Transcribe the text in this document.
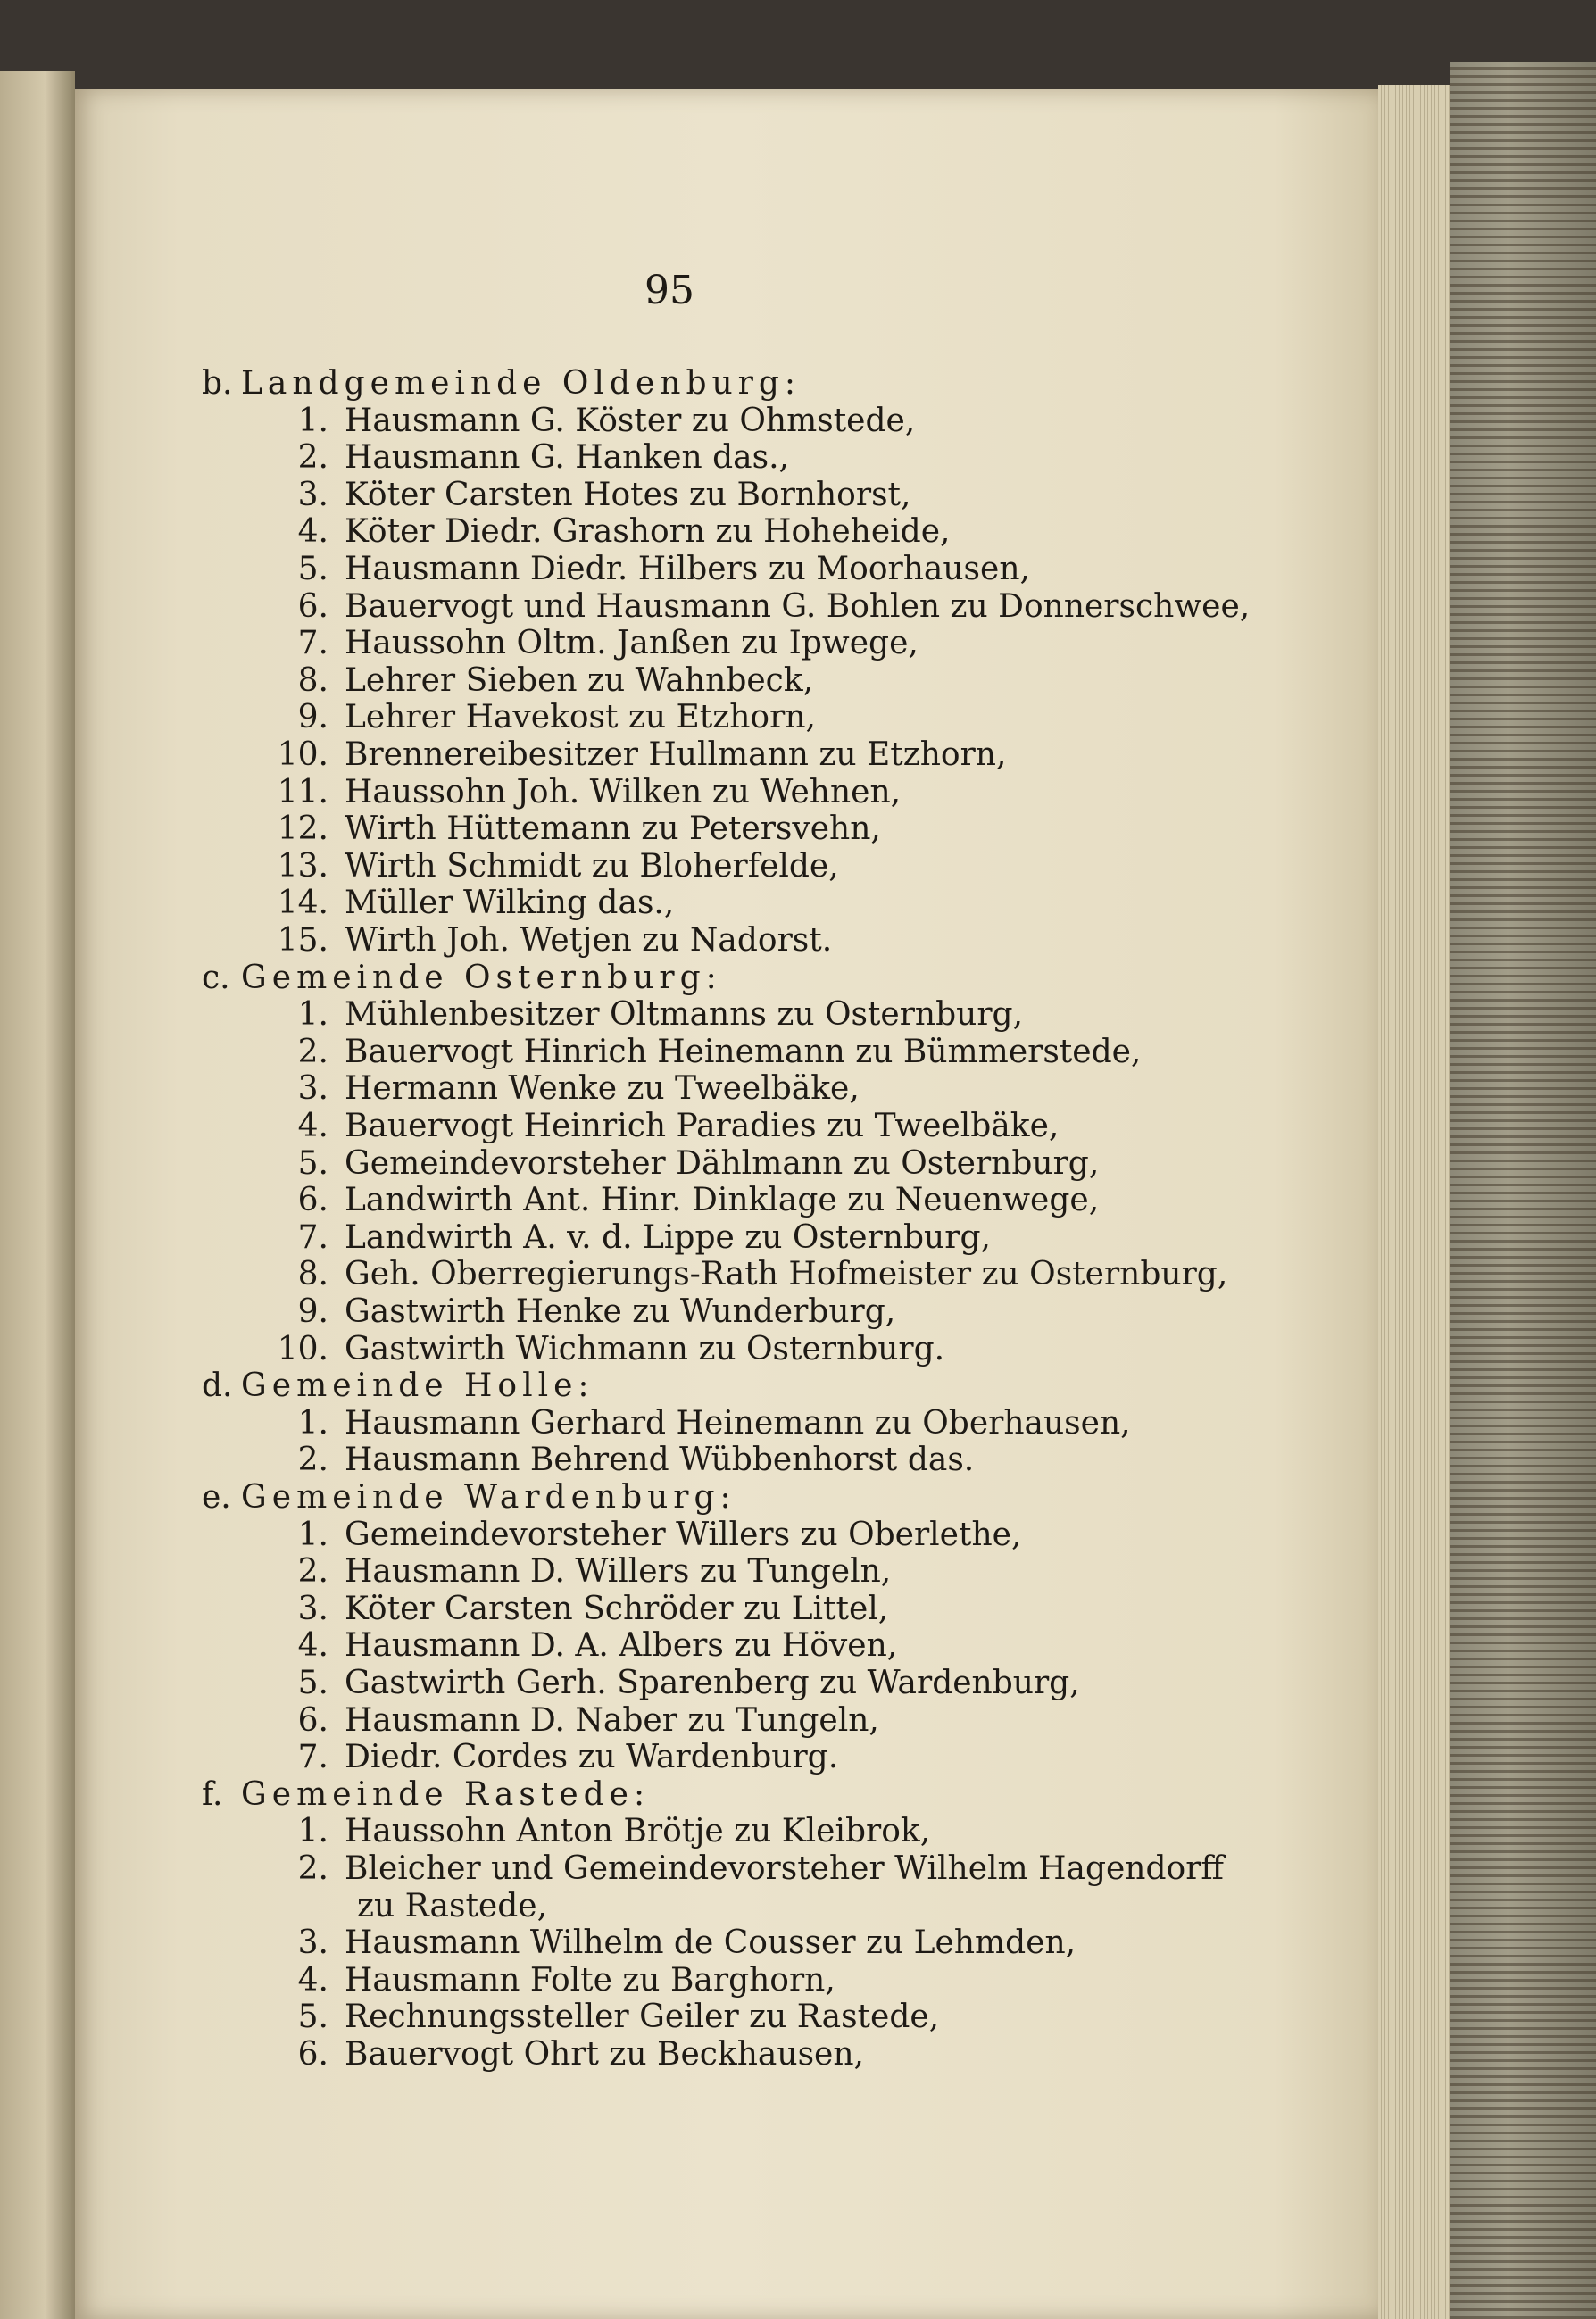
95
b. Landgemeinde Oldenburg:
1. Hausmann G. Köster zu Ohmstede,
2. Hausmann G. Hanken das.,
3. Köter Carsten Hotes zu Bornhorst,
4. Köter Diedr. Grashorn zu Hoheheide,
5. Hausmann Diedr. Hilbers zu Moorhausen,
6. Bauervogt und Hausmann G. Bohlen zu Donnerschwee,
7. Haussohn Oltm. Janßen zu Ipwege,
8. Lehrer Sieben zu Wahnbeck,
9. Lehrer Havekost zu Etzhorn,
10. Brennereibesitzer Hullmann zu Etzhorn,
11. Haussohn Joh. Wilken zu Wehnen,
12. Wirth Hüttemann zu Petersvehn,
13. Wirth Schmidt zu Bloherfelde,
14. Müller Wilking das.,
15. Wirth Joh. Wetjen zu Nadorst.
c. Gemeinde Osternburg:
1. Mühlenbesitzer Oltmanns zu Osternburg,
2. Bauervogt Hinrich Heinemann zu Bümmerstede,
3. Hermann Wenke zu Tweelbäke,
4. Bauervogt Heinrich Paradies zu Tweelbäke,
5. Gemeindevorsteher Dählmann zu Osternburg,
6. Landwirth Ant. Hinr. Dinklage zu Neuenwege,
7. Landwirth A. v. d. Lippe zu Osternburg,
8. Geh. Oberregierungs-Rath Hofmeister zu Osternburg,
9. Gastwirth Henke zu Wunderburg,
10. Gastwirth Wichmann zu Osternburg.
d. Gemeinde Holle:
1. Hausmann Gerhard Heinemann zu Oberhausen,
2. Hausmann Behrend Wübbenhorst das.
e. Gemeinde Wardenburg:
1. Gemeindevorsteher Willers zu Oberlethe,
2. Hausmann D. Willers zu Tungeln,
3. Köter Carsten Schröder zu Littel,
4. Hausmann D. A. Albers zu Höven,
5. Gastwirth Gerh. Sparenberg zu Wardenburg,
6. Hausmann D. Naber zu Tungeln,
7. Diedr. Cordes zu Wardenburg.
f. Gemeinde Rastede:
1. Haussohn Anton Brötje zu Kleibrok,
2. Bleicher und Gemeindevorsteher Wilhelm Hagendorff
zu Rastede,
3. Hausmann Wilhelm de Cousser zu Lehmden,
4. Hausmann Folte zu Barghorn,
5. Rechnungssteller Geiler zu Rastede,
6. Bauervogt Ohrt zu Beckhausen,
